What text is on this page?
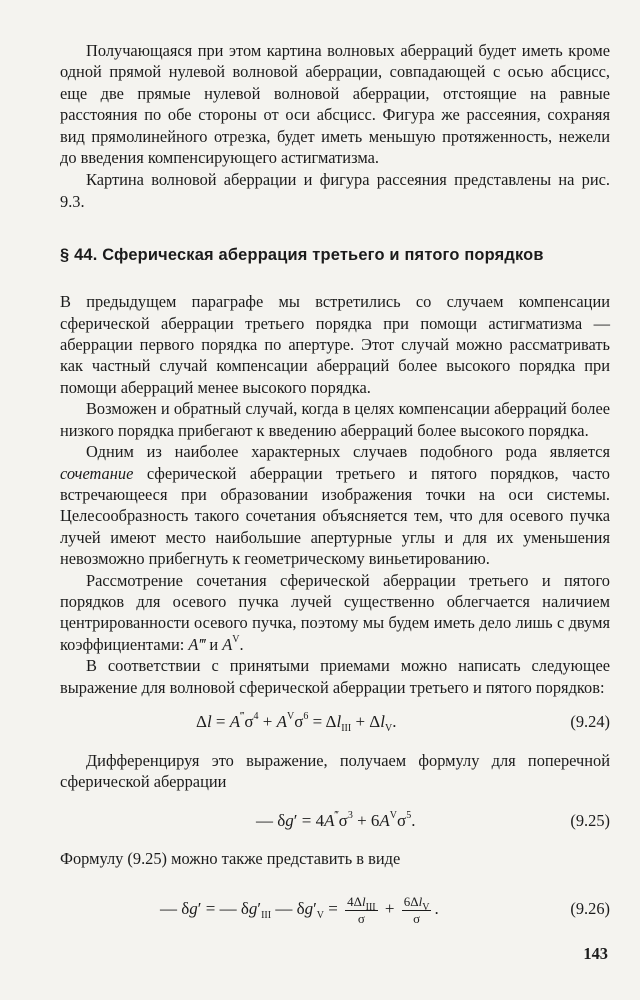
Получающаяся при этом картина волновых аберраций будет иметь кроме одной прямой нулевой волновой аберрации, совпадающей с осью абсцисс, еще две прямые нулевой волновой аберрации, отстоящие на равные расстояния по обе стороны от оси абсцисс. Фигура же рассеяния, сохраняя вид прямолинейного отрезка, будет иметь меньшую протяженность, нежели до введения компенсирующего астигматизма.

Картина волновой аберрации и фигура рассеяния представлены на рис. 9.3.

§ 44. Сферическая аберрация третьего и пятого порядков

В предыдущем параграфе мы встретились со случаем компенсации сферической аберрации третьего порядка при помощи астигматизма — аберрации первого порядка по апертуре. Этот случай можно рассматривать как частный случай компенсации аберраций более высокого порядка при помощи аберраций менее высокого порядка.

Возможен и обратный случай, когда в целях компенсации аберраций более низкого порядка прибегают к введению аберраций более высокого порядка.

Одним из наиболее характерных случаев подобного рода является сочетание сферической аберрации третьего и пятого порядков, часто встречающееся при образовании изображения точки на оси системы. Целесообразность такого сочетания объясняется тем, что для осевого пучка лучей имеют место наибольшие апертурные углы и для их уменьшения невозможно прибегнуть к геометрическому виньетированию.

Рассмотрение сочетания сферической аберрации третьего и пятого порядков для осевого пучка лучей существенно облегчается наличием центрированности осевого пучка, поэтому мы будем иметь дело лишь с двумя коэффициентами: A‴ и $A^V$.

В соответствии с принятыми приемами можно написать следующее выражение для волновой сферической аберрации третьего и пятого порядков:

$\Delta l = A^‴\sigma^4 + A^V\sigma^6 = \Delta l_{III} + \Delta l_V$.	(9.24)

Дифференцируя это выражение, получаем формулу для поперечной сферической аберрации

— $\delta g' = 4A^‴\sigma^3 + 6A^V\sigma^5$.	(9.25)

Формулу (9.25) можно также представить в виде

— δg′ = — $\delta g'_{III}$ — $\delta g'_V = \frac{4\Delta l_{III}}{\sigma} + \frac{6\Delta l_V}{\sigma}$ .	(9.26)
143
